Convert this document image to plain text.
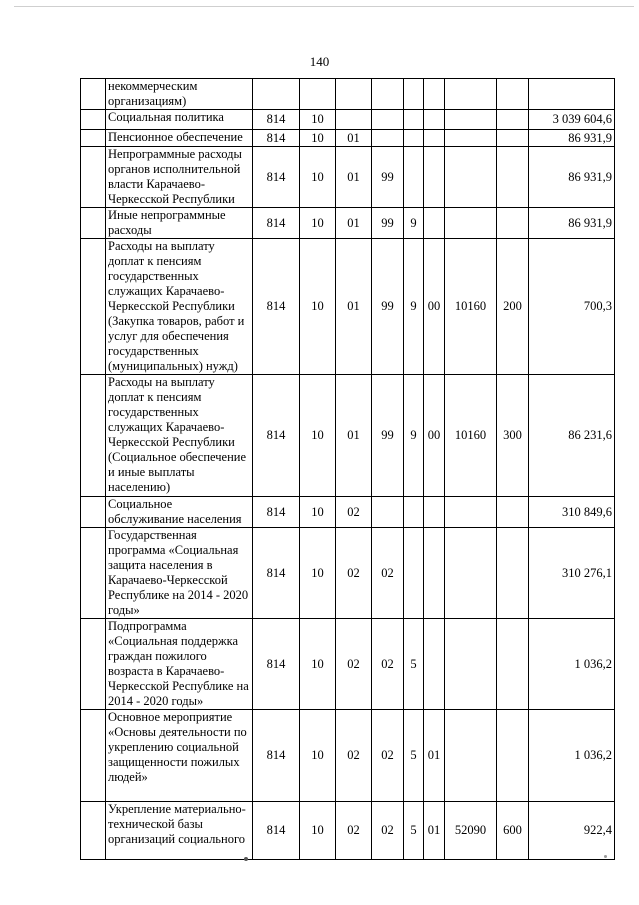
140
	некоммерческим организациям)									
	Социальная политика	814	10							3 039 604,6
	Пенсионное обеспечение	814	10	01						86 931,9
	Непрограммные расходы органов исполнительной власти Карачаево-Черкесской Республики	814	10	01	99					86 931,9
	Иные непрограммные расходы	814	10	01	99	9				86 931,9
	Расходы на выплату доплат к пенсиям государственных служащих Карачаево-Черкесской Республики (Закупка товаров, работ и услуг для обеспечения государственных (муниципальных) нужд)	814	10	01	99	9	00	10160	200	700,3
	Расходы на выплату доплат к пенсиям государственных служащих Карачаево-Черкесской Республики (Социальное обеспечение и иные выплаты населению)	814	10	01	99	9	00	10160	300	86 231,6
	Социальное обслуживание населения	814	10	02						310 849,6
	Государственная программа «Социальная защита населения в Карачаево-Черкесской Республике на 2014 - 2020 годы»	814	10	02	02					310 276,1
	Подпрограмма «Социальная поддержка граждан пожилого возраста в Карачаево-Черкесской Республике на 2014 - 2020 годы»	814	10	02	02	5				1 036,2
	Основное мероприятие «Основы деятельности по укреплению социальной защищенности пожилых людей»	814	10	02	02	5	01			1 036,2
	Укрепление материально-технической базы организаций социального	814	10	02	02	5	01	52090	600	922,4
